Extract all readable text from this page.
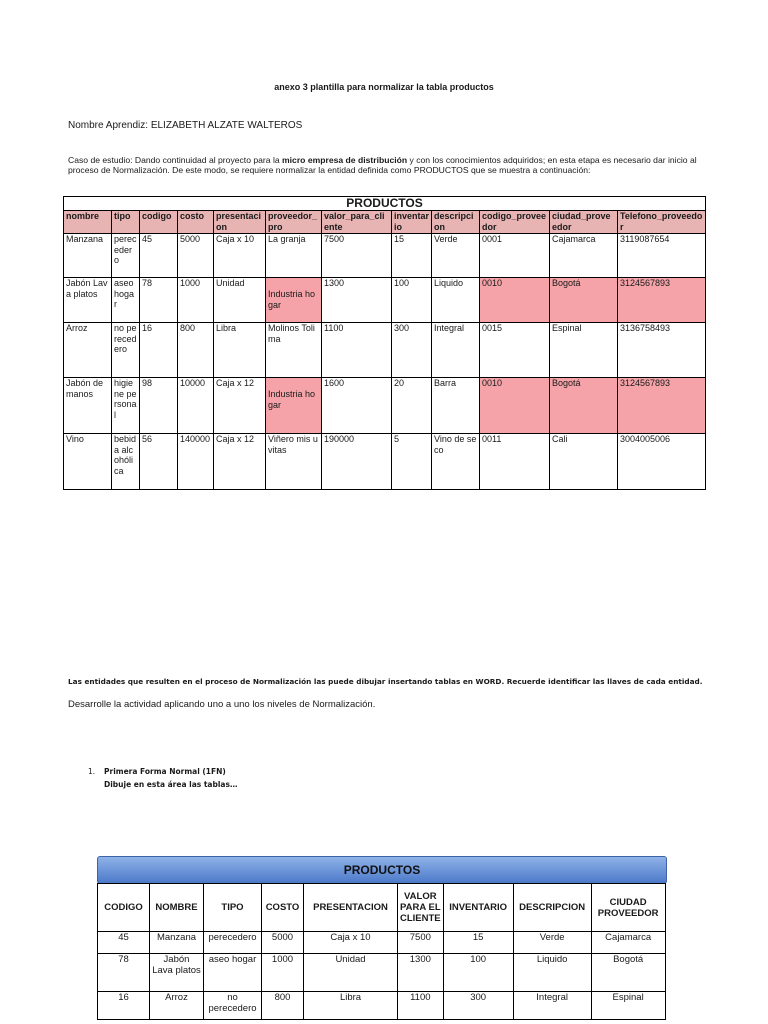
anexo 3 plantilla para normalizar la tabla productos
Nombre Aprendiz: ELIZABETH ALZATE WALTEROS
Caso de estudio: Dando continuidad al proyecto para la micro empresa de distribución y con los conocimientos adquiridos; en esta etapa es necesario dar inicio al proceso de Normalización. De este modo, se requiere normalizar la entidad definida como PRODUCTOS que se muestra a continuación:
PRODUCTOS											
nombre	tipo	codigo	costo	presentacion	proveedor_pro	valor_para_cliente	inventario	descripcion	codigo_proveedor	ciudad_proveedor	Telefono_proveedor
Manzana	perecedero	45	5000	Caja x 10	La granja	7500	15	Verde	0001	Cajamarca	3119087654
Jabón Lava platos	aseo hogar	78	1000	Unidad	Industria hogar	1300	100	Liquido	0010	Bogotá	3124567893
Arroz	no perecedero	16	800	Libra	Molinos Tolima	1100	300	Integral	0015	Espinal	3136758493
Jabón de manos	higiene personal	98	10000	Caja x 12	Industria hogar	1600	20	Barra	0010	Bogotá	3124567893
Vino	bebida alcohólica	56	140000	Caja x 12	Viñero mis uvitas	190000	5	Vino de seco	0011	Cali	3004005006
Las entidades que resulten en el proceso de Normalización las puede dibujar insertando tablas en WORD. Recuerde identificar las llaves de cada entidad.
Desarrolle la actividad aplicando uno a uno los niveles de Normalización.
1. Primera Forma Normal (1FN)
Dibuje en esta área las tablas…
PRODUCTOS
CODIGO	NOMBRE	TIPO	COSTO	PRESENTACION	VALOR PARA EL CLIENTE	INVENTARIO	DESCRIPCION	CIUDAD PROVEEDOR
45	Manzana	perecedero	5000	Caja x 10	7500	15	Verde	Cajamarca
78	Jabón Lava platos	aseo hogar	1000	Unidad	1300	100	Liquido	Bogotá
16	Arroz	no perecedero	800	Libra	1100	300	Integral	Espinal
